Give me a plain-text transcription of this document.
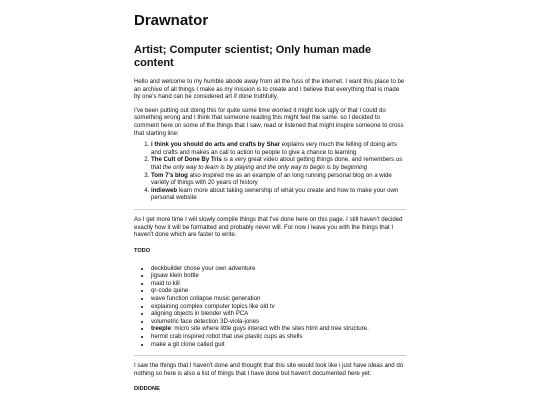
Drawnator
Artist; Computer scientist; Only human made content

Hello and welcome to my humble abode away from all the fuss of the internet. I want this place to be an archive of all things I make as my mission is to create and I believe that everything that is made by one's hand can be considered art if done truthfully.

I've been putting out doing this for quite some time worried it might look ugly or that I could do something wrong and I think that someone reading this might feel the same. so I decided to comment here on some of the things that I saw, read or listened that might inspire someone to cross that starting line:

1. i think you should do arts and crafts by Shar explains very much the felling of doing arts and crafts and makes an call to action to people to give a chance to learning
2. The Cult of Done By Tris is a very great video about getting things done, and remembers us that the only way to learn is by playing and the only way to begin is by beginning
3. Tom 7's blog also inspired me as an example of an long running personal blog on a wide variety of things with 20 years of history
4. indieweb learn more about taking ownership of what you create and how to make your own personal website

As I get more time I will slowly compile things that I've done here on this page. I still haven't decided exactly how it will be formatted and probably never will. For now I leave you with the things that I haven't done which are faster to write.

TODO
• deckbuilder chose your own adventure
• jigsaw klein bottle
• maid to kill
• qr-code quine
• wave function collapse music generation
• explaining complex computer topics like old tv
• aligning objects in blender with PCA
• volumetric face detection 3D-viola-jones
• treeple: micro site where little guys interact with the sites html and tree structure.
• hermit crab inspired robot that use plastic cups as shells
• make a git clone called guit

I saw the things that I haven't done and thought that this site would look like i just have ideas and do nothing so here is also a list of things that I have done but haven't documented here yet:

DIDDONE
